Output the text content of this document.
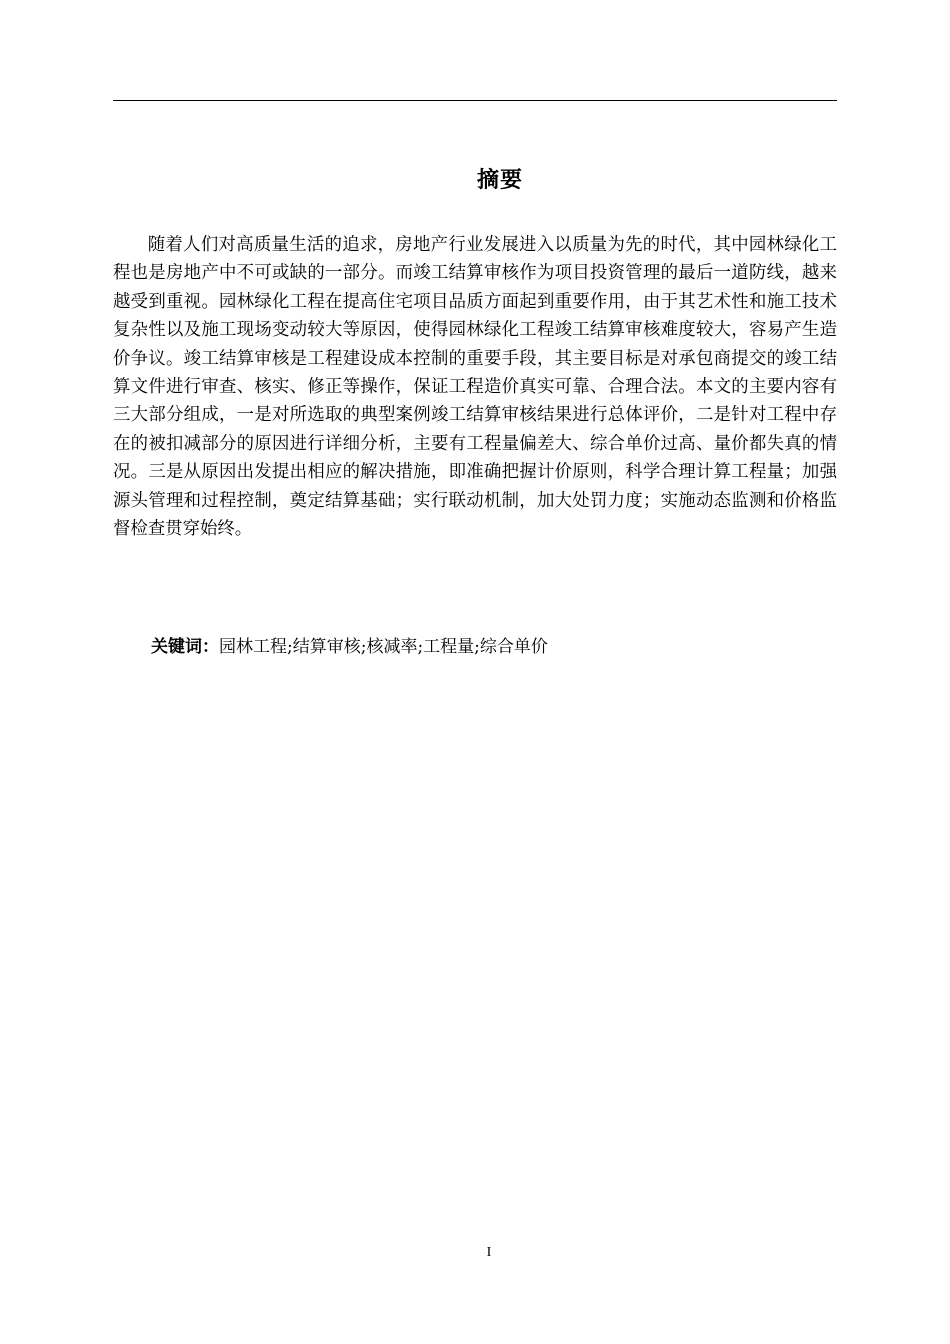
摘要

随着人们对高质量生活的追求，房地产行业发展进入以质量为先的时代，其中园林绿化工程也是房地产中不可或缺的一部分。而竣工结算审核作为项目投资管理的最后一道防线，越来越受到重视。园林绿化工程在提高住宅项目品质方面起到重要作用，由于其艺术性和施工技术复杂性以及施工现场变动较大等原因，使得园林绿化工程竣工结算审核难度较大，容易产生造价争议。竣工结算审核是工程建设成本控制的重要手段，其主要目标是对承包商提交的竣工结算文件进行审查、核实、修正等操作，保证工程造价真实可靠、合理合法。本文的主要内容有三大部分组成，一是对所选取的典型案例竣工结算审核结果进行总体评价，二是针对工程中存在的被扣减部分的原因进行详细分析，主要有工程量偏差大、综合单价过高、量价都失真的情况。三是从原因出发提出相应的解决措施，即准确把握计价原则，科学合理计算工程量；加强源头管理和过程控制，奠定结算基础；实行联动机制，加大处罚力度；实施动态监测和价格监督检查贯穿始终。

关键词：园林工程;结算审核;核减率;工程量;综合单价
I
